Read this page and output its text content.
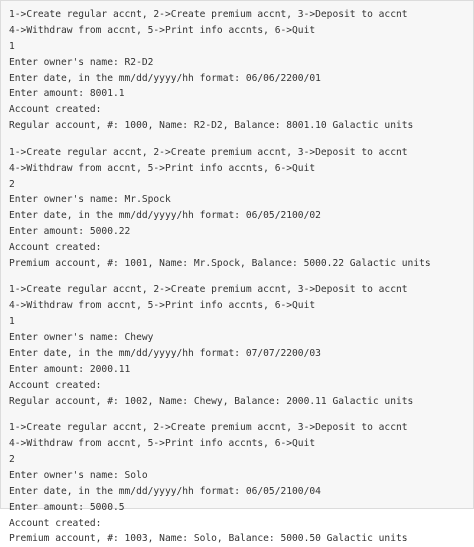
1->Create regular accnt, 2->Create premium accnt, 3->Deposit to accnt
4->Withdraw from accnt, 5->Print info accnts, 6->Quit
1
Enter owner's name: R2-D2
Enter date, in the mm/dd/yyyy/hh format: 06/06/2200/01
Enter amount: 8001.1
Account created:
Regular account, #: 1000, Name: R2-D2, Balance: 8001.10 Galactic units
1->Create regular accnt, 2->Create premium accnt, 3->Deposit to accnt
4->Withdraw from accnt, 5->Print info accnts, 6->Quit
2
Enter owner's name: Mr.Spock
Enter date, in the mm/dd/yyyy/hh format: 06/05/2100/02
Enter amount: 5000.22
Account created:
Premium account, #: 1001, Name: Mr.Spock, Balance: 5000.22 Galactic units
1->Create regular accnt, 2->Create premium accnt, 3->Deposit to accnt
4->Withdraw from accnt, 5->Print info accnts, 6->Quit
1
Enter owner's name: Chewy
Enter date, in the mm/dd/yyyy/hh format: 07/07/2200/03
Enter amount: 2000.11
Account created:
Regular account, #: 1002, Name: Chewy, Balance: 2000.11 Galactic units
1->Create regular accnt, 2->Create premium accnt, 3->Deposit to accnt
4->Withdraw from accnt, 5->Print info accnts, 6->Quit
2
Enter owner's name: Solo
Enter date, in the mm/dd/yyyy/hh format: 06/05/2100/04
Enter amount: 5000.5
Account created:
Premium account, #: 1003, Name: Solo, Balance: 5000.50 Galactic units
